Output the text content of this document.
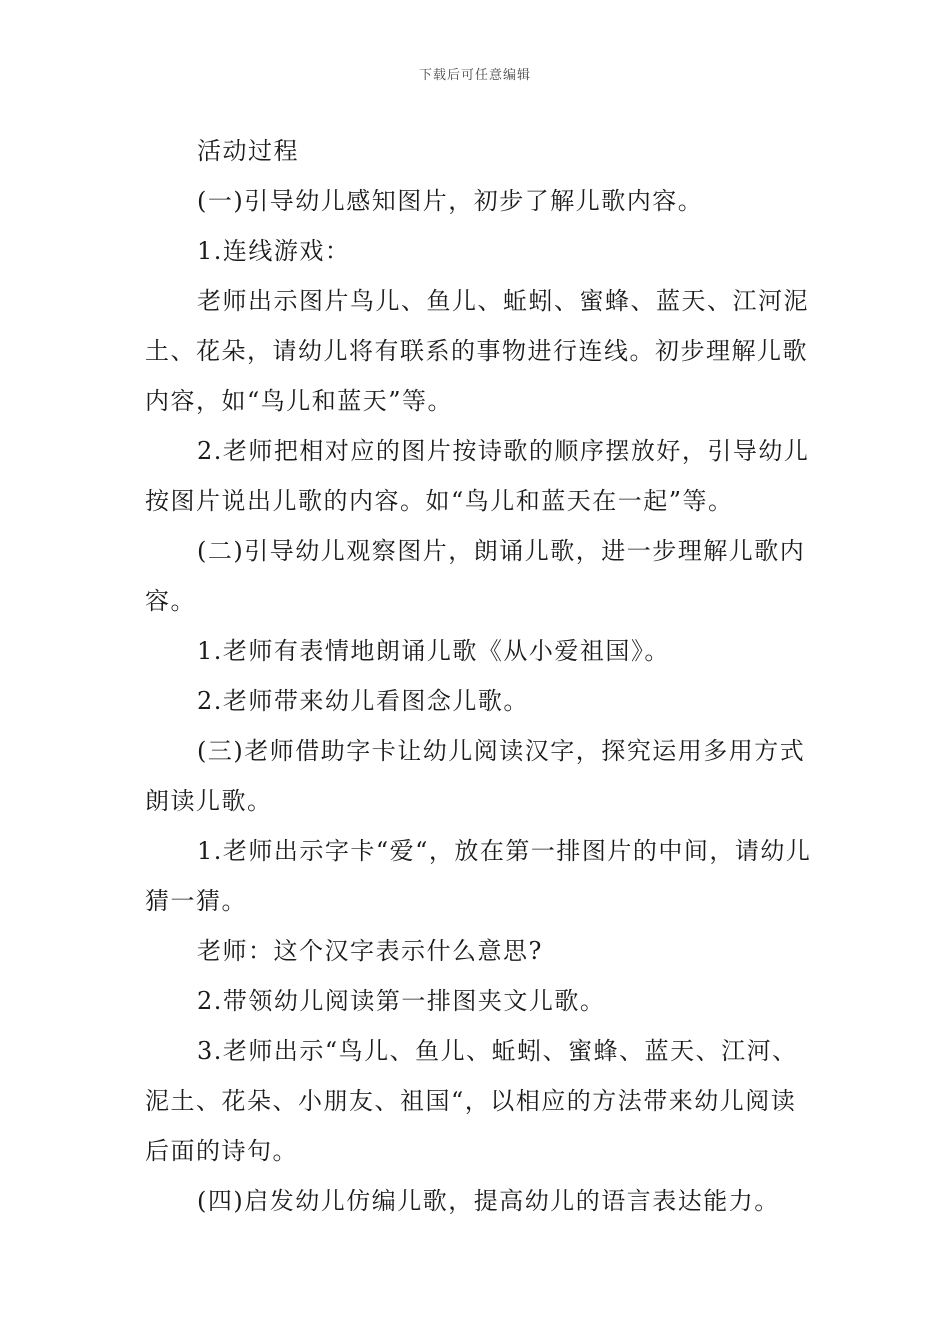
下载后可任意编辑

活动过程

(一)引导幼儿感知图片，初步了解儿歌内容。

1.连线游戏：

老师出示图片鸟儿、鱼儿、蚯蚓、蜜蜂、蓝天、江河泥土、花朵，请幼儿将有联系的事物进行连线。初步理解儿歌内容，如“鸟儿和蓝天”等。

2.老师把相对应的图片按诗歌的顺序摆放好，引导幼儿按图片说出儿歌的内容。如“鸟儿和蓝天在一起”等。

(二)引导幼儿观察图片，朗诵儿歌，进一步理解儿歌内容。

1.老师有表情地朗诵儿歌《从小爱祖国》。

2.老师带来幼儿看图念儿歌。

(三)老师借助字卡让幼儿阅读汉字，探究运用多用方式朗读儿歌。

1.老师出示字卡“爱“，放在第一排图片的中间，请幼儿猜一猜。

老师：这个汉字表示什么意思?

2.带领幼儿阅读第一排图夹文儿歌。

3.老师出示“鸟儿、鱼儿、蚯蚓、蜜蜂、蓝天、江河、泥土、花朵、小朋友、祖国“，以相应的方法带来幼儿阅读后面的诗句。

(四)启发幼儿仿编儿歌，提高幼儿的语言表达能力。
